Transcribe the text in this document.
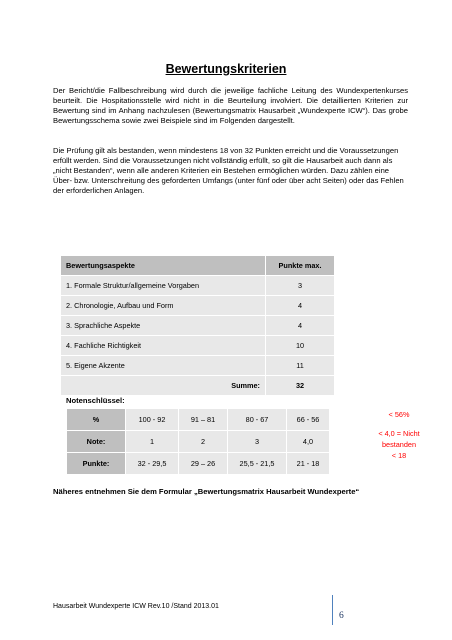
Bewertungskriterien
Der Bericht/die Fallbeschreibung wird durch die jeweilige fachliche Leitung des Wundexpertenkurses beurteilt. Die Hospitationsstelle wird nicht in die Beurteilung involviert. Die detaillierten Kriterien zur Bewertung sind im Anhang nachzulesen (Bewertungsmatrix Hausarbeit „Wundexperte ICW“). Das grobe Bewertungsschema sowie zwei Beispiele sind im Folgenden dargestellt.
Die Prüfung gilt als bestanden, wenn mindestens 18 von 32 Punkten erreicht und die Voraussetzungen erfüllt werden. Sind die Voraussetzungen nicht vollständig erfüllt, so gilt die Hausarbeit auch dann als „nicht Bestanden“, wenn alle anderen Kriterien ein Bestehen ermöglichen würden. Dazu zählen eine Über- bzw. Unterschreitung des geforderten Umfangs (unter fünf oder über acht Seiten) oder das Fehlen der erforderlichen Anlagen.
Bewertungsaspekte	Punkte max.
1. Formale Struktur/allgemeine Vorgaben	3
2. Chronologie, Aufbau und Form	4
3. Sprachliche Aspekte	4
4. Fachliche Richtigkeit	10
5. Eigene Akzente	11
Summe:	32
Notenschlüssel:
%	100 - 92	91 – 81	80 - 67	66 - 56
Note:	1	2	3	4,0
Punkte:	32 - 29,5	29 – 26	25,5 - 21,5	21 - 18
< 56%
< 4,0 = Nicht
bestanden
< 18
Näheres entnehmen Sie dem Formular „Bewertungsmatrix Hausarbeit Wundexperte“
Hausarbeit Wundexperte ICW Rev.10 /Stand 2013.01
6
